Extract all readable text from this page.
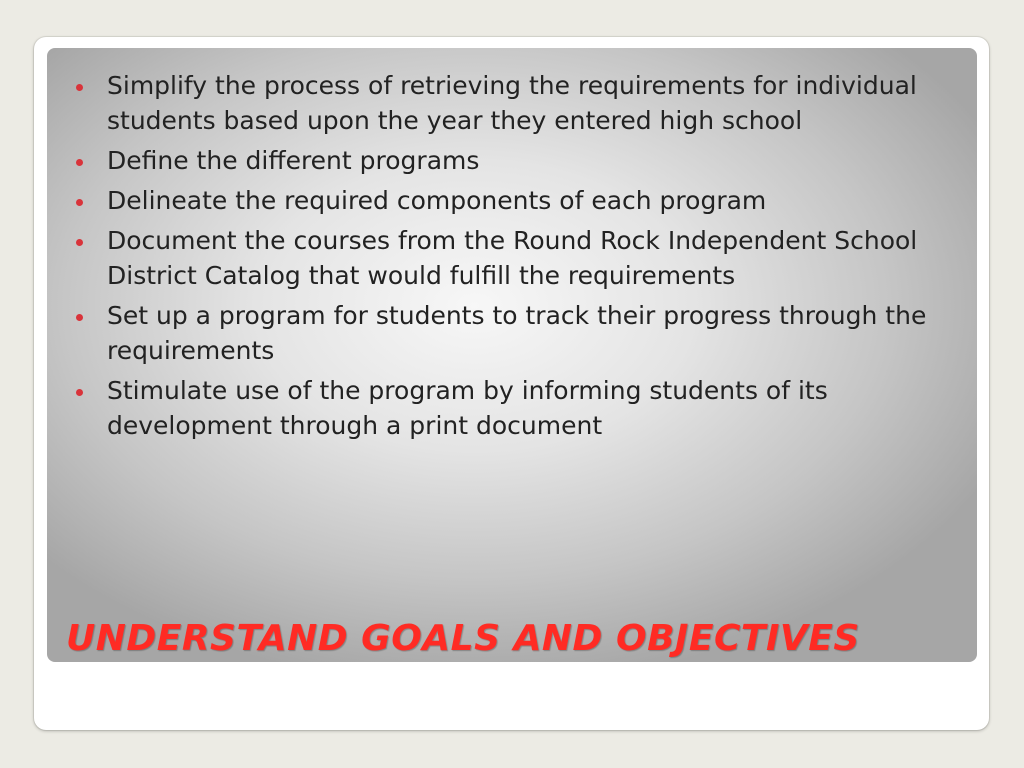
Simplify the process of retrieving the requirements for individual students based upon the year they entered high school
Define the different programs
Delineate the required components of each program
Document the courses from the Round Rock Independent School District Catalog that would fulfill the requirements
Set up a program for students to track their progress through the requirements
Stimulate use of the program by informing students of its development through a print document
UNDERSTAND GOALS AND OBJECTIVES
